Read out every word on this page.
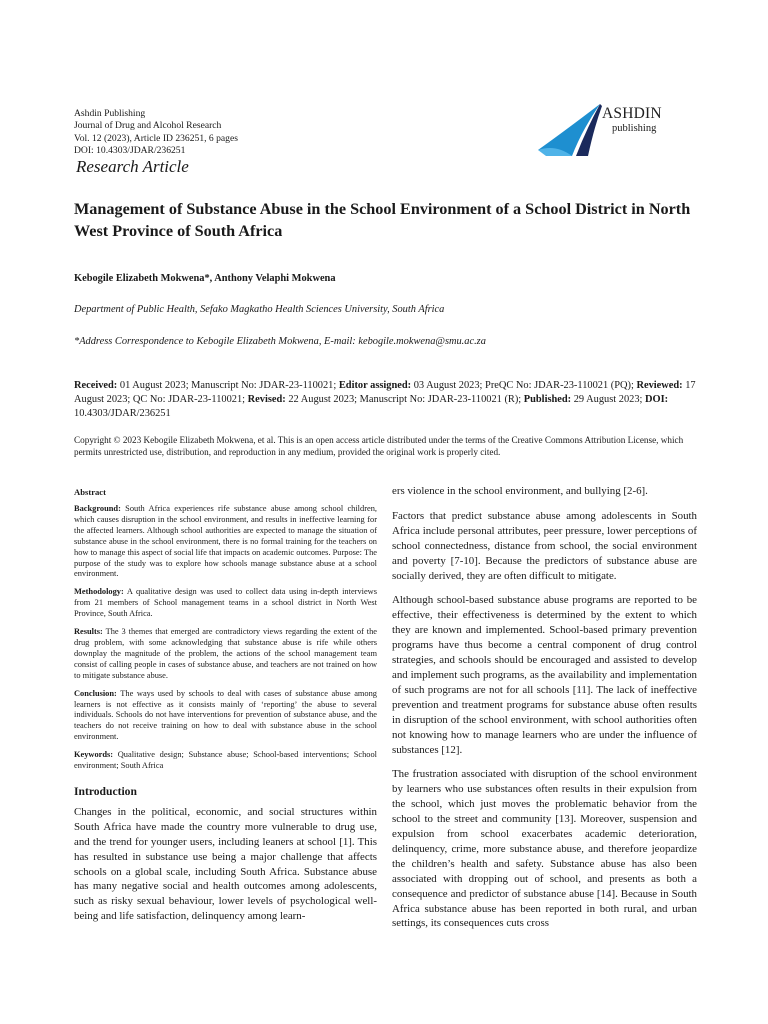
Ashdin Publishing
Journal of Drug and Alcohol Research
Vol. 12 (2023), Article ID 236251, 6 pages
DOI: 10.4303/JDAR/236251
ASHDIN
publishing
Research Article
Management of Substance Abuse in the School Environment of a School District in North West Province of South Africa
Kebogile Elizabeth Mokwena*, Anthony Velaphi Mokwena
Department of Public Health, Sefako Magkatho Health Sciences University, South Africa
*Address Correspondence to Kebogile Elizabeth Mokwena, E-mail: kebogile.mokwena@smu.ac.za
Received: 01 August 2023; Manuscript No: JDAR-23-110021; Editor assigned: 03 August 2023; PreQC No: JDAR-23-110021 (PQ); Reviewed: 17 August 2023; QC No: JDAR-23-110021; Revised: 22 August 2023; Manuscript No: JDAR-23-110021 (R); Published: 29 August 2023; DOI: 10.4303/JDAR/236251
Copyright © 2023 Kebogile Elizabeth Mokwena, et al. This is an open access article distributed under the terms of the Creative Commons Attribution License, which permits unrestricted use, distribution, and reproduction in any medium, provided the original work is properly cited.
Abstract

Background: South Africa experiences rife substance abuse among school children, which causes disruption in the school environment, and results in ineffective learning for the affected learners. Although school authorities are expected to manage the situation of substance abuse in the school environment, there is no formal training for the teachers on how to manage this aspect of social life that impacts on academic outcomes. Purpose: The purpose of the study was to explore how schools manage substance abuse at a school environment.

Methodology: A qualitative design was used to collect data using in-depth interviews from 21 members of School management teams in a school district in North West Province, South Africa.

Results: The 3 themes that emerged are contradictory views regarding the extent of the drug problem, with some acknowledging that substance abuse is rife while others downplay the magnitude of the problem, the actions of the school management team consist of calling people in cases of substance abuse, and teachers are not trained on how to mitigate substance abuse.

Conclusion: The ways used by schools to deal with cases of substance abuse among learners is not effective as it consists mainly of ‘reporting’ the abuse to several individuals. Schools do not have interventions for prevention of substance abuse, and the teachers do not receive training on how to deal with substance abuse in the school environment.

Keywords: Qualitative design; Substance abuse; School-based interventions; School environment; South Africa

Introduction

Changes in the political, economic, and social structures within South Africa have made the country more vulnerable to drug use, and the trend for younger users, including leaners at school [1]. This has resulted in substance use being a major challenge that affects schools on a global scale, including South Africa. Substance abuse has many negative social and health outcomes among adolescents, such as risky sexual behaviour, lower levels of psychological well-being and life satisfaction, delinquency among learn-

ers violence in the school environment, and bullying [2-6].

Factors that predict substance abuse among adolescents in South Africa include personal attributes, peer pressure, lower perceptions of school connectedness, distance from school, the social environment and poverty [7-10]. Because the predictors of substance abuse are socially derived, they are often difficult to mitigate.

Although school-based substance abuse programs are reported to be effective, their effectiveness is determined by the extent to which they are known and implemented. School-based primary prevention programs have thus become a central component of drug control strategies, and schools should be encouraged and assisted to develop and implement such programs, as the availability and implementation of such programs are not for all schools [11]. The lack of ineffective prevention and treatment programs for substance abuse often results in disruption of the school environment, with school authorities often not knowing how to manage learners who are under the influence of substances [12].

The frustration associated with disruption of the school environment by learners who use substances often results in their expulsion from the school, which just moves the problematic behavior from the school to the street and community [13]. Moreover, suspension and expulsion from school exacerbates academic deterioration, delinquency, crime, more substance abuse, and therefore jeopardize the children’s health and safety. Substance abuse has also been associated with dropping out of school, and presents as both a consequence and predictor of substance abuse [14]. Because in South Africa substance abuse has been reported in both rural, and urban settings, its consequences cuts cross
